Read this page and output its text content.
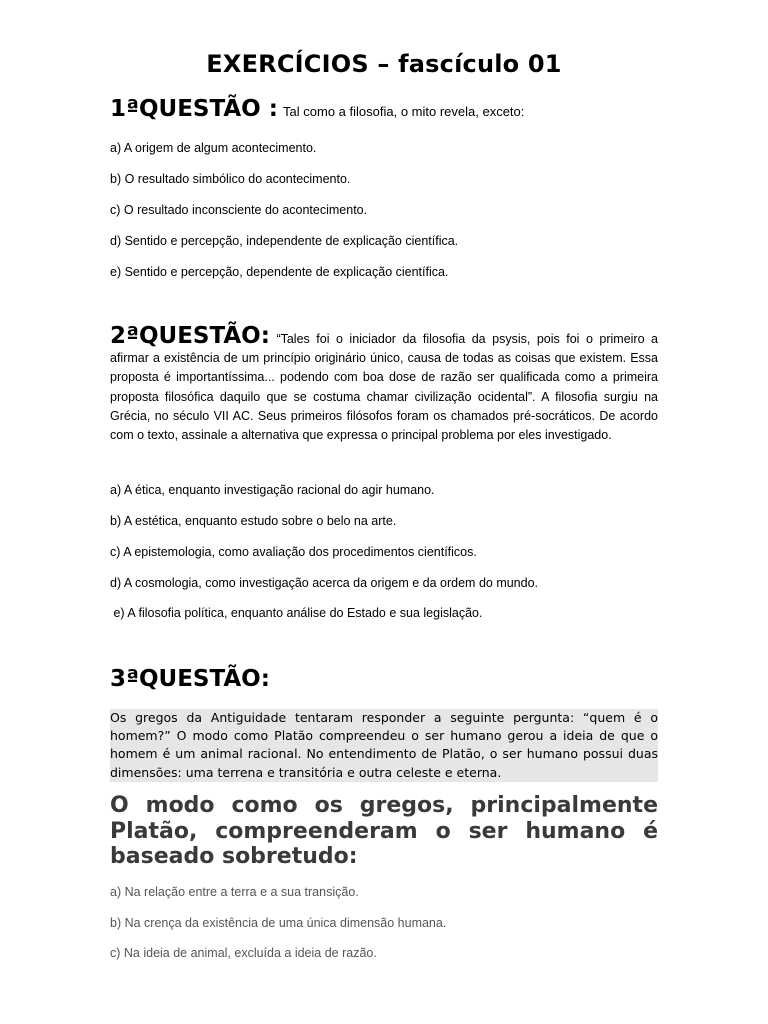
EXERCÍCIOS – fascículo 01
1ªQUESTÃO : Tal como a filosofia, o mito revela, exceto:
a) A origem de algum acontecimento.
b) O resultado simbólico do acontecimento.
c) O resultado inconsciente do acontecimento.
d) Sentido e percepção, independente de explicação científica.
e) Sentido e percepção, dependente de explicação científica.
2ªQUESTÃO: “Tales foi o iniciador da filosofia da psysis, pois foi o primeiro a afirmar a existência de um princípio originário único, causa de todas as coisas que existem. Essa proposta é importantíssima... podendo com boa dose de razão ser qualificada como a primeira proposta filosófica daquilo que se costuma chamar civilização ocidental”. A filosofia surgiu na Grécia, no século VII AC. Seus primeiros filósofos foram os chamados pré-socráticos. De acordo com o texto, assinale a alternativa que expressa o principal problema por eles investigado.
a) A ética, enquanto investigação racional do agir humano.
b) A estética, enquanto estudo sobre o belo na arte.
c) A epistemologia, como avaliação dos procedimentos científicos.
d) A cosmologia, como investigação acerca da origem e da ordem do mundo.
e) A filosofia política, enquanto análise do Estado e sua legislação.
3ªQUESTÃO:
Os gregos da Antiguidade tentaram responder a seguinte pergunta: “quem é o homem?” O modo como Platão compreendeu o ser humano gerou a ideia de que o homem é um animal racional. No entendimento de Platão, o ser humano possui duas dimensões: uma terrena e transitória e outra celeste e eterna.
O modo como os gregos, principalmente Platão, compreenderam o ser humano é baseado sobretudo:
a) Na relação entre a terra e a sua transição.
b) Na crença da existência de uma única dimensão humana.
c) Na ideia de animal, excluída a ideia de razão.
